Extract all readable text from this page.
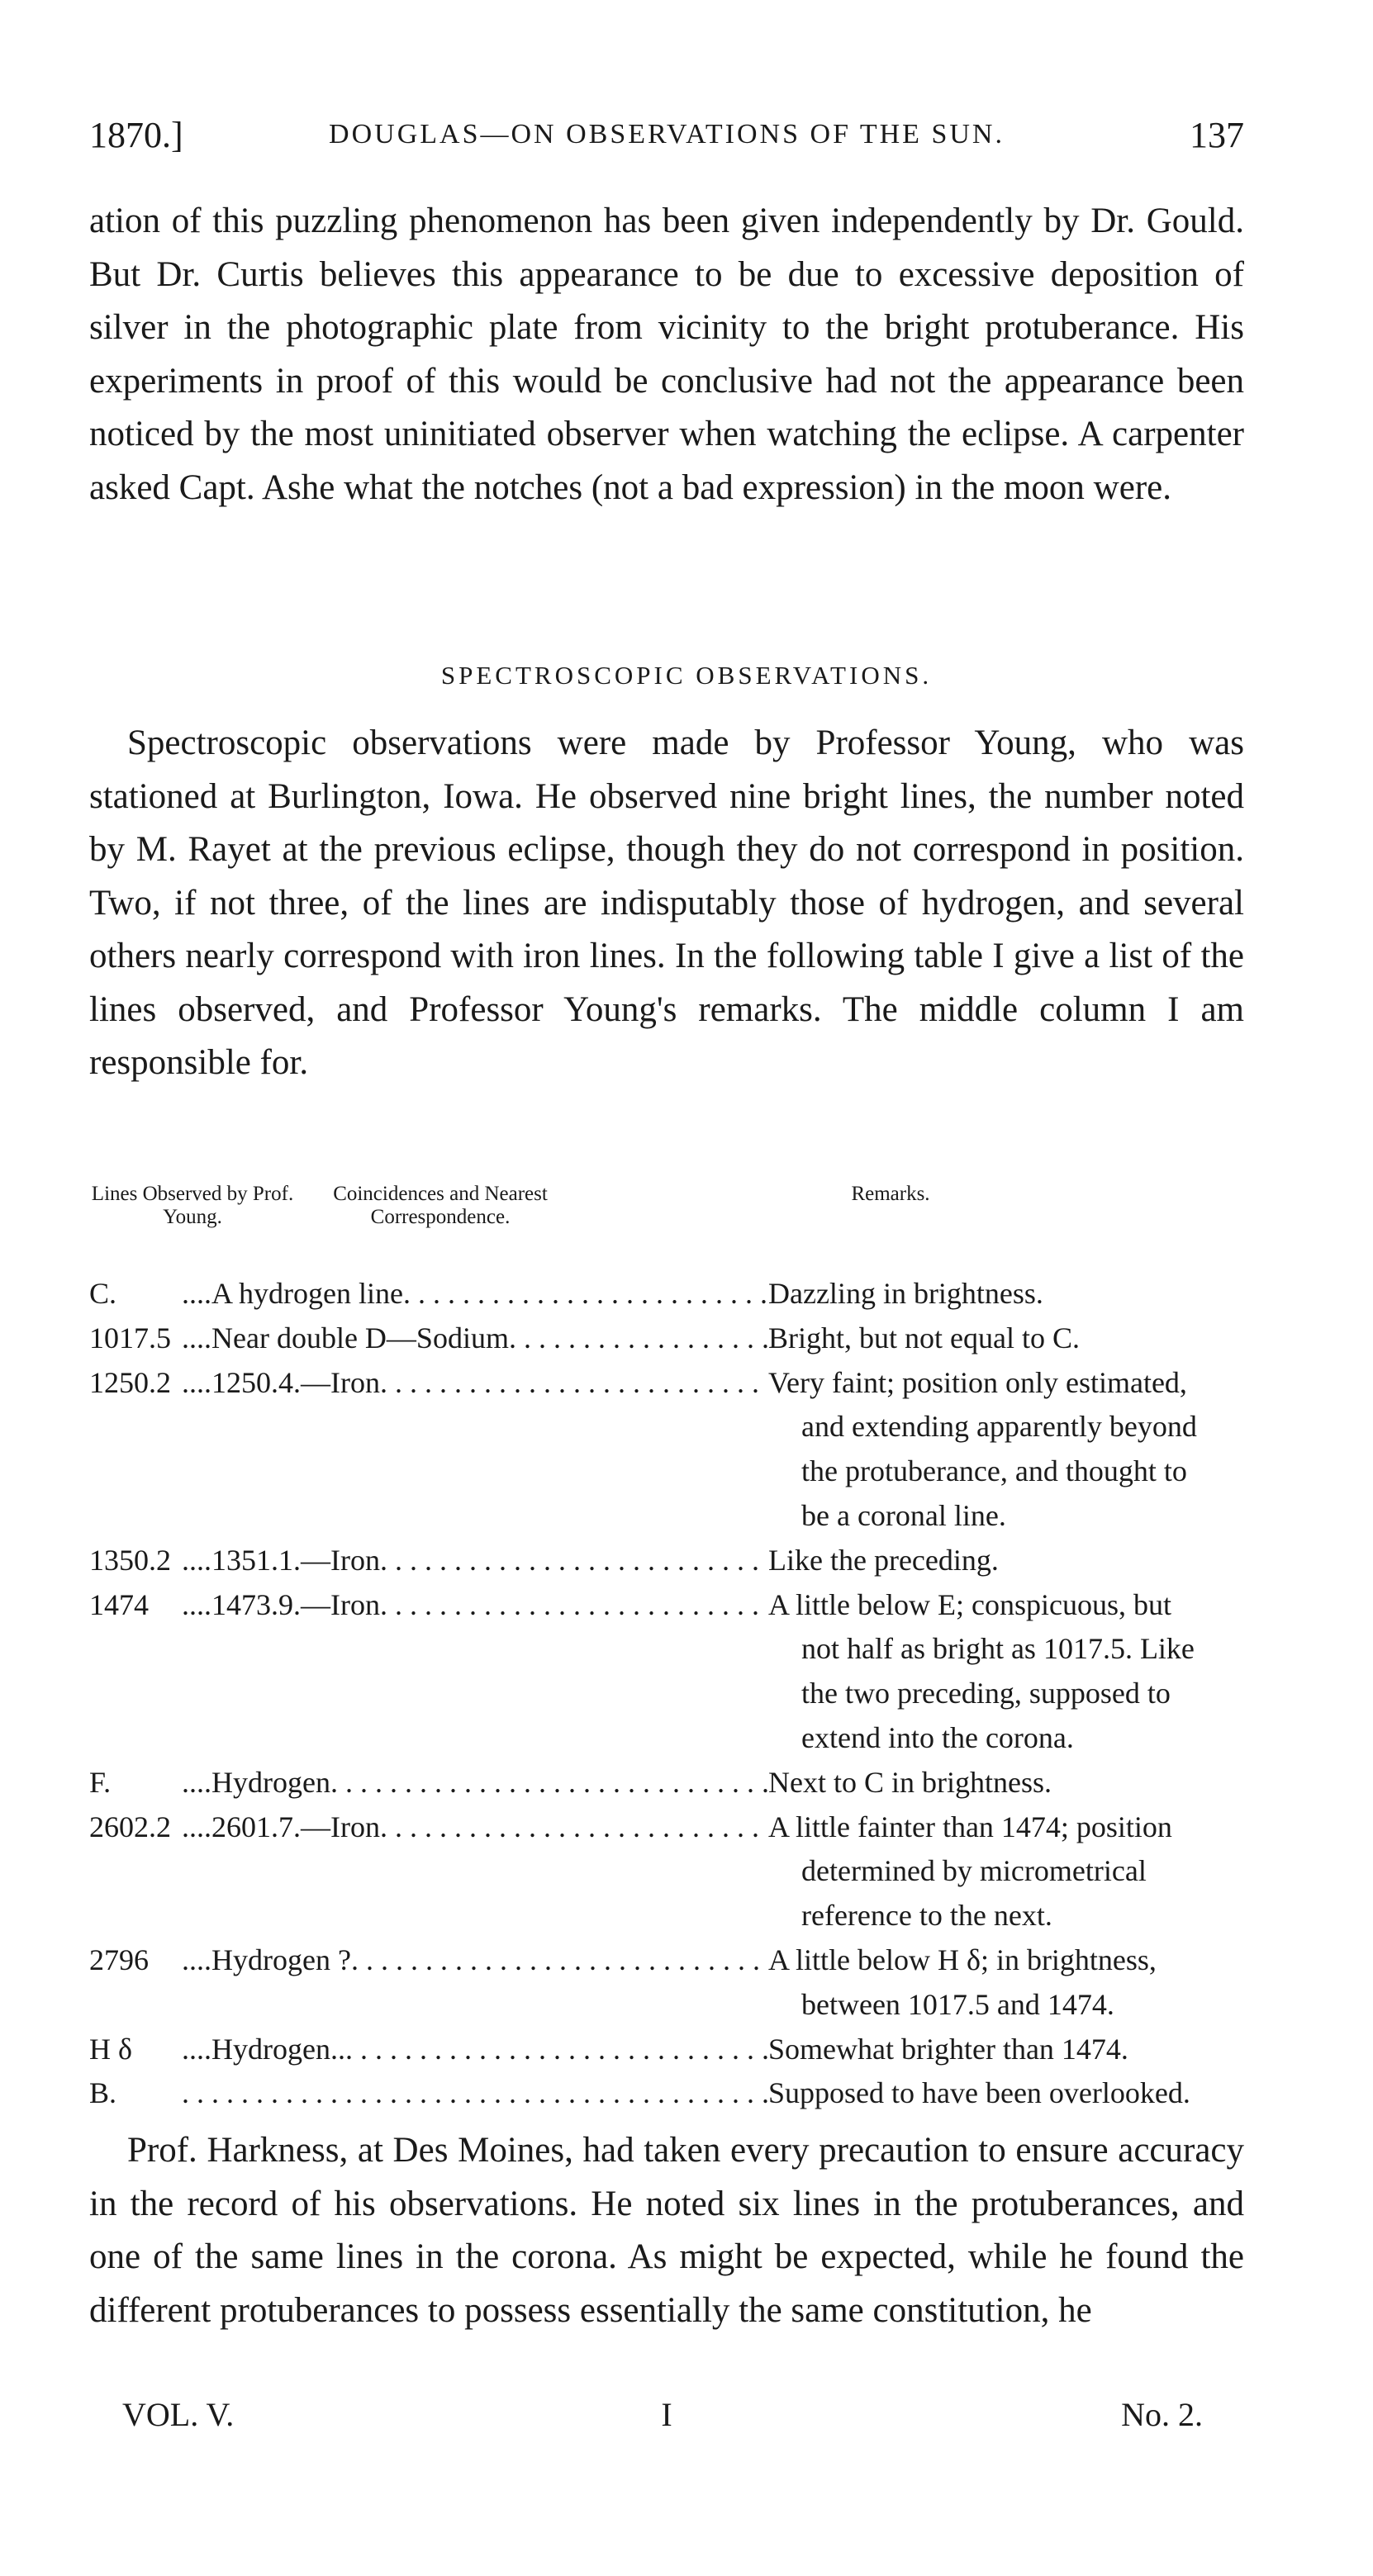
1870.]	DOUGLAS—ON OBSERVATIONS OF THE SUN.	137
ation of this puzzling phenomenon has been given independently by Dr. Gould. But Dr. Curtis believes this appearance to be due to excessive deposition of silver in the photographic plate from vicinity to the bright protuberance. His experiments in proof of this would be conclusive had not the appearance been noticed by the most uninitiated observer when watching the eclipse. A carpenter asked Capt. Ashe what the notches (not a bad expression) in the moon were.
SPECTROSCOPIC OBSERVATIONS.
Spectroscopic observations were made by Professor Young, who was stationed at Burlington, Iowa. He observed nine bright lines, the number noted by M. Rayet at the previous eclipse, though they do not correspond in position. Two, if not three, of the lines are indisputably those of hydrogen, and several others nearly correspond with iron lines. In the following table I give a list of the lines observed, and Professor Young's remarks. The middle column I am responsible for.
Lines Observed by Prof. Young.
Coincidences and Nearest Correspondence.
Remarks.
C.	....A hydrogen line . . .	Dazzling in brightness.
1017.5 ....Near double D—Sodium . . .	Bright, but not equal to C.
1250.2 ....1250.4.—Iron . . .	Very faint; position only estimated,
and extending apparently beyond
the protuberance, and thought to
be a coronal line.
1350.2 ....1351.1.—Iron . . .	Like the preceding.
1474	....1473.9.—Iron . . .	A little below E; conspicuous, but
not half as bright as 1017.5. Like
the two preceding, supposed to
extend into the corona.
F.	....Hydrogen . . .	Next to C in brightness.
2602.2 ....2601.7.—Iron . . .	A little fainter than 1474; position
determined by micrometrical
reference to the next.
2796	....Hydrogen ? . . .	A little below H δ; in brightness,
between 1017.5 and 1474.
H δ	....Hydrogen.. . . .	Somewhat brighter than 1474.
B. . . .	Supposed to have been overlooked.
Prof. Harkness, at Des Moines, had taken every precaution to ensure accuracy in the record of his observations. He noted six lines in the protuberances, and one of the same lines in the corona. As might be expected, while he found the different protuberances to possess essentially the same constitution, he
VOL. V.	I	No. 2.
